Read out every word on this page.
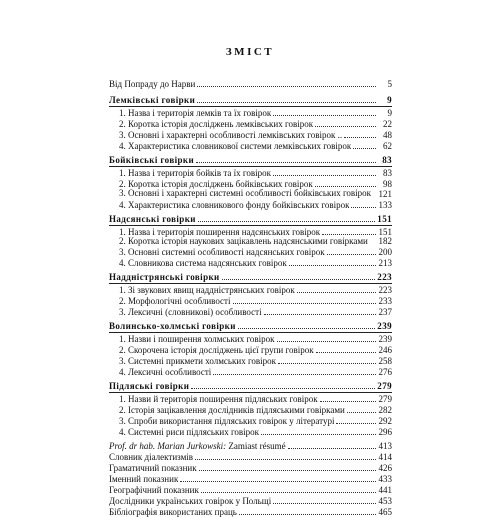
ЗМІСТ
Від Попраду до Нарви	5
Лемківські говірки	9
1. Назва і територія лемків та їх говірок	9
2. Коротка історія досліджень лемківських говірок	22
3. Основні і характерні особливості лемківських говірок ..	48
4. Характеристика словникової системи лемківських говірок	62
Бойківські говірки	83
1. Назва і територія бойків та їх говірок	83
2. Коротка історія досліджень бойківських говірок	98
3. Основні і характерні системні особливості бойківських говірок 121
4. Характеристика словникового фонду бойківських говірок	133
Надсянські говірки	151
1. Назва і територія поширення надсянських говірок	151
2. Коротка історія наукових зацікавлень надсянськими говірками	182
3. Основні системні особливості надсянських говірок	200
4. Словникова система надсянських говірок	213
Наддністрянські говірки	223
1. Зі звукових явищ наддністрянських говірок	223
2. Морфологічні особливості	233
3. Лексичні (словникові) особливості	237
Волинсько-холмські говірки	239
1. Назви і поширення холмських говірок	239
2. Скорочена історія досліджень цієї групи говірок	246
3. Системні прикмети холмських говірок	258
4. Лексичні особливості	276
Підляські говірки	279
1. Назви й територія поширення підляських говірок	279
2. Історія зацікавлення дослідників підляськими говірками	282
3. Спроби використання підляських говірок у літературі	292
4. Системні риси підляських говірок	296
Prof. dr hab. Marian Jurkowski: Zamiast résumé	413
Словник діалектизмів	414
Граматичний показник	426
Іменний показник	433
Географічний показник	441
Дослідники українських говірок у Польщі	453
Бібліографія використаних праць	465
